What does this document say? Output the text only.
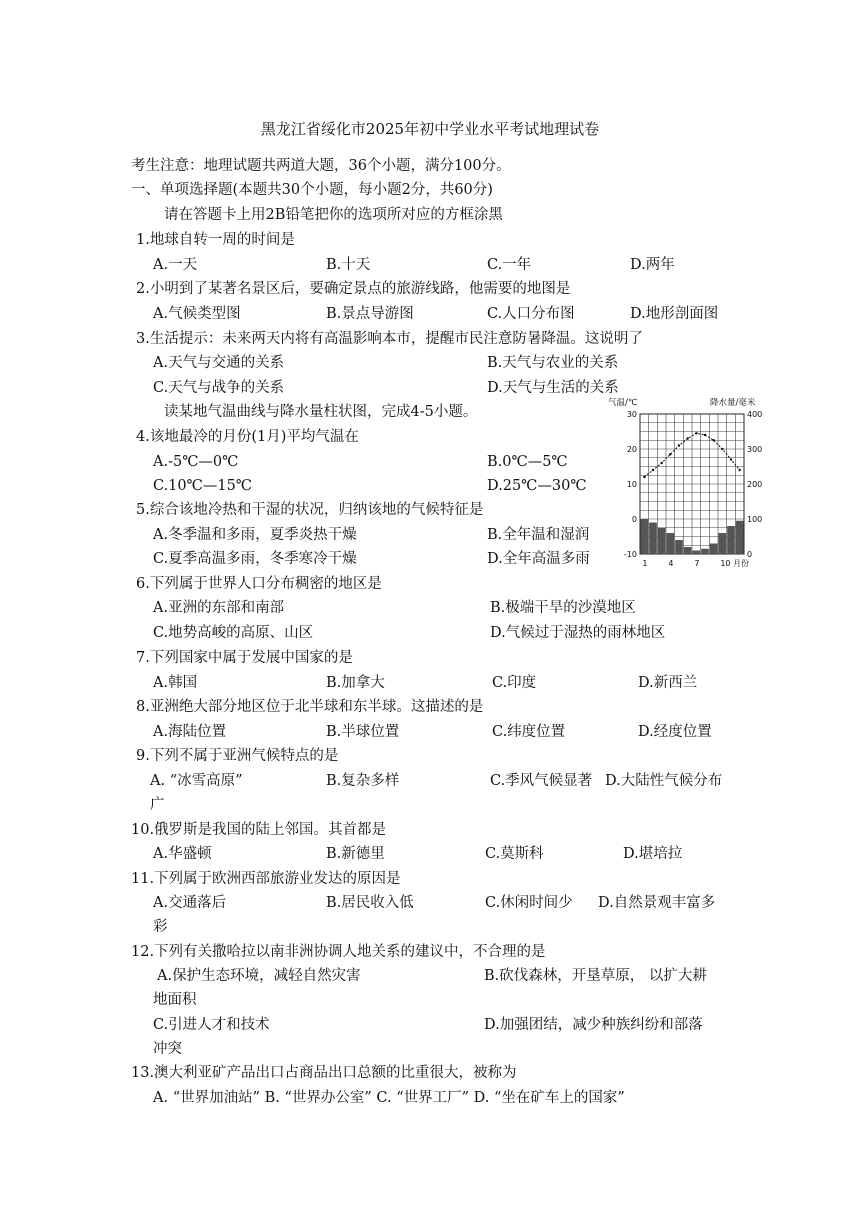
黑龙江省绥化市2025年初中学业水平考试地理试卷
考生注意：地理试题共两道大题，36个小题，满分100分。
一、单项选择题(本题共30个小题，每小题2分，共60分)
请在答题卡上用2B铅笔把你的选项所对应的方框涂黑
1.地球自转一周的时间是
A.一天	B.十天	C.一年	D.两年
2.小明到了某著名景区后，要确定景点的旅游线路，他需要的地图是
A.气候类型图	B.景点导游图	C.人口分布图	D.地形剖面图
3.生活提示：未来两天内将有高温影响本市，提醒市民注意防暑降温。这说明了
A.天气与交通的关系	B.天气与农业的关系
C.天气与战争的关系	D.天气与生活的关系
读某地气温曲线与降水量柱状图，完成4-5小题。
4.该地最冷的月份(1月)平均气温在
A.-5℃—0℃	B.0℃—5℃
C.10℃—15℃	D.25℃—30℃
5.综合该地冷热和干湿的状况，归纳该地的气候特征是
A.冬季温和多雨，夏季炎热干燥	B.全年温和湿润
C.夏季高温多雨，冬季寒冷干燥	D.全年高温多雨
6.下列属于世界人口分布稠密的地区是
A.亚洲的东部和南部	B.极端干旱的沙漠地区
C.地势高峻的高原、山区	D.气候过于湿热的雨林地区
7.下列国家中属于发展中国家的是
A.韩国	B.加拿大	C.印度	D.新西兰
8.亚洲绝大部分地区位于北半球和东半球。这描述的是
A.海陆位置	B.半球位置	C.纬度位置	D.经度位置
9.下列不属于亚洲气候特点的是
A. “冰雪高原”	B.复杂多样	C.季风气候显著 D.大陆性气候分布
广
10.俄罗斯是我国的陆上邻国。其首都是
A.华盛顿	B.新德里	C.莫斯科	D.堪培拉
11.下列属于欧洲西部旅游业发达的原因是
A.交通落后	B.居民收入低	C.休闲时间少 D.自然景观丰富多
彩
12.下列有关撒哈拉以南非洲协调人地关系的建议中，不合理的是
A.保护生态环境，减轻自然灾害	B.砍伐森林，开垦草原， 以扩大耕
地面积
C.引进人才和技术	D.加强团结，减少种族纠纷和部落
冲突
13.澳大利亚矿产品出口占商品出口总额的比重很大，被称为
A. “世界加油站” B. “世界办公室” C. “世界工厂” D. “坐在矿车上的国家”
气温/℃	降水量/毫米
30
20
10
0
-10
400
300
200
100
0
1	4	7	10 月份
